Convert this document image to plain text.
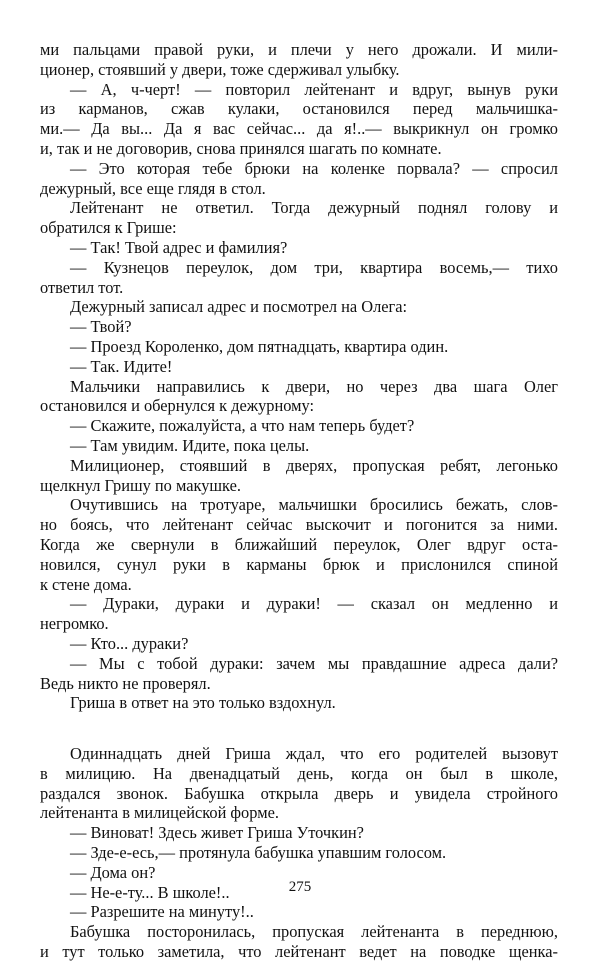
ми пальцами правой руки, и плечи у него дрожали. И мили-
ционер, стоявший у двери, тоже сдерживал улыбку.
— А, ч-черт! — повторил лейтенант и вдруг, вынув руки
из карманов, сжав кулаки, остановился перед мальчишка-
ми.— Да вы... Да я вас сейчас... да я!..— выкрикнул он громко
и, так и не договорив, снова принялся шагать по комнате.
— Это которая тебе брюки на коленке порвала? — спросил
дежурный, все еще глядя в стол.
Лейтенант не ответил. Тогда дежурный поднял голову и
обратился к Грише:
— Так! Твой адрес и фамилия?
— Кузнецов переулок, дом три, квартира восемь,— тихо
ответил тот.
Дежурный записал адрес и посмотрел на Олега:
— Твой?
— Проезд Короленко, дом пятнадцать, квартира один.
— Так. Идите!
Мальчики направились к двери, но через два шага Олег
остановился и обернулся к дежурному:
— Скажите, пожалуйста, а что нам теперь будет?
— Там увидим. Идите, пока целы.
Милиционер, стоявший в дверях, пропуская ребят, легонько
щелкнул Гришу по макушке.
Очутившись на тротуаре, мальчишки бросились бежать, слов-
но боясь, что лейтенант сейчас выскочит и погонится за ними.
Когда же свернули в ближайший переулок, Олег вдруг оста-
новился, сунул руки в карманы брюк и прислонился спиной
к стене дома.
— Дураки, дураки и дураки! — сказал он медленно и
негромко.
— Кто... дураки?
— Мы с тобой дураки: зачем мы правдашние адреса дали?
Ведь никто не проверял.
Гриша в ответ на это только вздохнул.
Одиннадцать дней Гриша ждал, что его родителей вызовут
в милицию. На двенадцатый день, когда он был в школе,
раздался звонок. Бабушка открыла дверь и увидела стройного
лейтенанта в милицейской форме.
— Виноват! Здесь живет Гриша Уточкин?
— Зде-е-есь,— протянула бабушка упавшим голосом.
— Дома он?
— Не-е-ту... В школе!..
— Разрешите на минуту!..
Бабушка посторонилась, пропуская лейтенанта в переднюю,
и тут только заметила, что лейтенант ведет на поводке щенка-
275
